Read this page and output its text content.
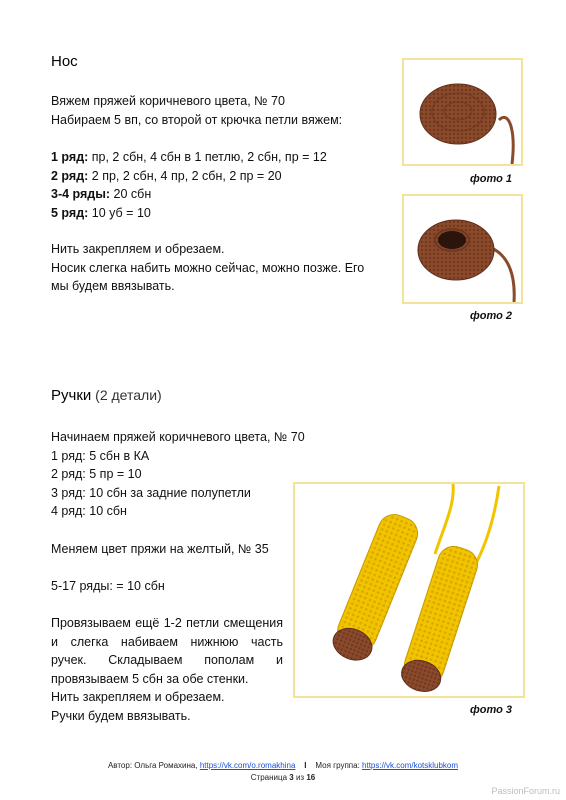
Нос
Вяжем пряжей коричневого цвета, № 70
Набираем 5 вп, со второй от крючка петли вяжем:
1 ряд: пр, 2 сбн, 4 сбн в 1 петлю, 2 сбн, пр = 12
2 ряд: 2 пр, 2 сбн, 4 пр, 2 сбн, 2 пр = 20
3-4 ряды: 20 сбн
5 ряд: 10 уб = 10
Нить закрепляем и обрезаем.
Носик слегка набить можно сейчас, можно позже. Его
мы будем ввязывать.
фото 1
фото 2
Ручки (2 детали)
Начинаем пряжей коричневого цвета, № 70
1 ряд: 5 сбн в КА
2 ряд: 5 пр = 10
3 ряд: 10 сбн за задние полупетли
4 ряд: 10 сбн
Меняем цвет пряжи на желтый, № 35
5-17 ряды: = 10 сбн
Провязываем ещё 1-2 петли смещения и слегка набиваем нижнюю часть ручек. Складываем пополам и провязываем 5 сбн за обе стенки.
Нить закрепляем и обрезаем.
Ручки будем ввязывать.	фото 3
Автор: Ольга Ромахина, https://vk.com/o.romakhina I Моя группа: https://vk.com/kotsklubkom
Страница 3 из 16
PassionForum.ru
